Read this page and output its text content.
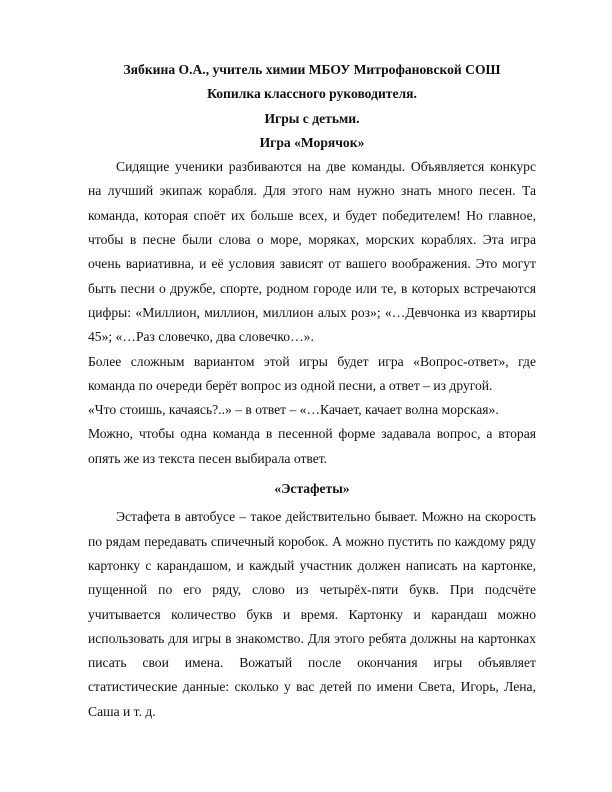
Зябкина О.А., учитель химии МБОУ Митрофановской СОШ
Копилка классного руководителя.
Игры с детьми.
Игра «Морячок»

Сидящие ученики разбиваются на две команды. Объявляется конкурс на лучший экипаж корабля. Для этого нам нужно знать много песен. Та команда, которая споёт их больше всех, и будет победителем! Но главное, чтобы в песне были слова о море, моряках, морских кораблях. Эта игра очень вариативна, и её условия зависят от вашего воображения. Это могут быть песни о дружбе, спорте, родном городе или те, в которых встречаются цифры: «Миллион, миллион, миллион алых роз»; «…Девчонка из квартиры 45»; «…Раз словечко, два словечко…».

Более сложным вариантом этой игры будет игра «Вопрос-ответ», где команда по очереди берёт вопрос из одной песни, а ответ – из другой.

«Что стоишь, качаясь?..» – в ответ – «…Качает, качает волна морская».

Можно, чтобы одна команда в песенной форме задавала вопрос, а вторая опять же из текста песен выбирала ответ.

«Эстафеты»

Эстафета в автобусе – такое действительно бывает. Можно на скорость по рядам передавать спичечный коробок. А можно пустить по каждому ряду картонку с карандашом, и каждый участник должен написать на картонке, пущенной по его ряду, слово из четырёх-пяти букв. При подсчёте учитывается количество букв и время. Картонку и карандаш можно использовать для игры в знакомство. Для этого ребята должны на картонках писать свои имена. Вожатый после окончания игры объявляет статистические данные: сколько у вас детей по имени Света, Игорь, Лена, Саша и т. д.
